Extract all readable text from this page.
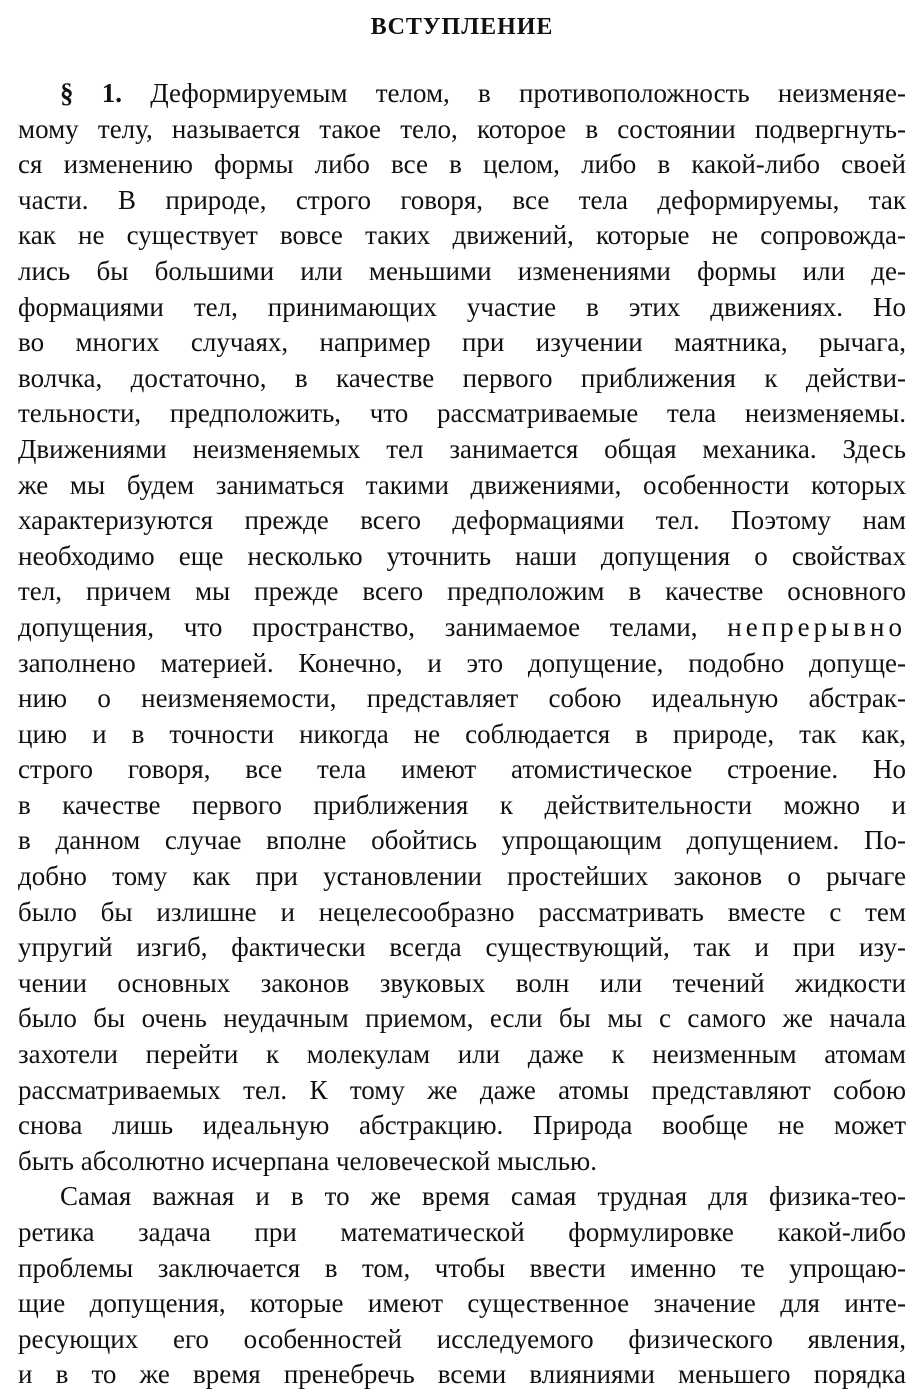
ВСТУПЛЕНИЕ
§ 1. Деформируемым телом, в противоположность неизменяе-
мому телу, называется такое тело, которое в состоянии подвергнуть-
ся изменению формы либо все в целом, либо в какой-либо своей
части. В природе, строго говоря, все тела деформируемы, так
как не существует вовсе таких движений, которые не сопровожда-
лись бы большими или меньшими изменениями формы или де-
формациями тел, принимающих участие в этих движениях. Но
во многих случаях, например при изучении маятника, рычага,
волчка, достаточно, в качестве первого приближения к действи-
тельности, предположить, что рассматриваемые тела неизменяемы.
Движениями неизменяемых тел занимается общая механика. Здесь
же мы будем заниматься такими движениями, особенности которых
характеризуются прежде всего деформациями тел. Поэтому нам
необходимо еще несколько уточнить наши допущения о свойствах
тел, причем мы прежде всего предположим в качестве основного
допущения, что пространство, занимаемое телами, непрерывно
заполнено материей. Конечно, и это допущение, подобно допуще-
нию о неизменяемости, представляет собою идеальную абстрак-
цию и в точности никогда не соблюдается в природе, так как,
строго говоря, все тела имеют атомистическое строение. Но
в качестве первого приближения к действительности можно и
в данном случае вполне обойтись упрощающим допущением. По-
добно тому как при установлении простейших законов о рычаге
было бы излишне и нецелесообразно рассматривать вместе с тем
упругий изгиб, фактически всегда существующий, так и при изу-
чении основных законов звуковых волн или течений жидкости
было бы очень неудачным приемом, если бы мы с самого же начала
захотели перейти к молекулам или даже к неизменным атомам
рассматриваемых тел. К тому же даже атомы представляют собою
снова лишь идеальную абстракцию. Природа вообще не может
быть абсолютно исчерпана человеческой мыслью.
Самая важная и в то же время самая трудная для физика-тео-
ретика задача при математической формулировке какой-либо
проблемы заключается в том, чтобы ввести именно те упрощаю-
щие допущения, которые имеют существенное значение для инте-
ресующих его особенностей исследуемого физического явления,
и в то же время пренебречь всеми влияниями меньшего порядка
